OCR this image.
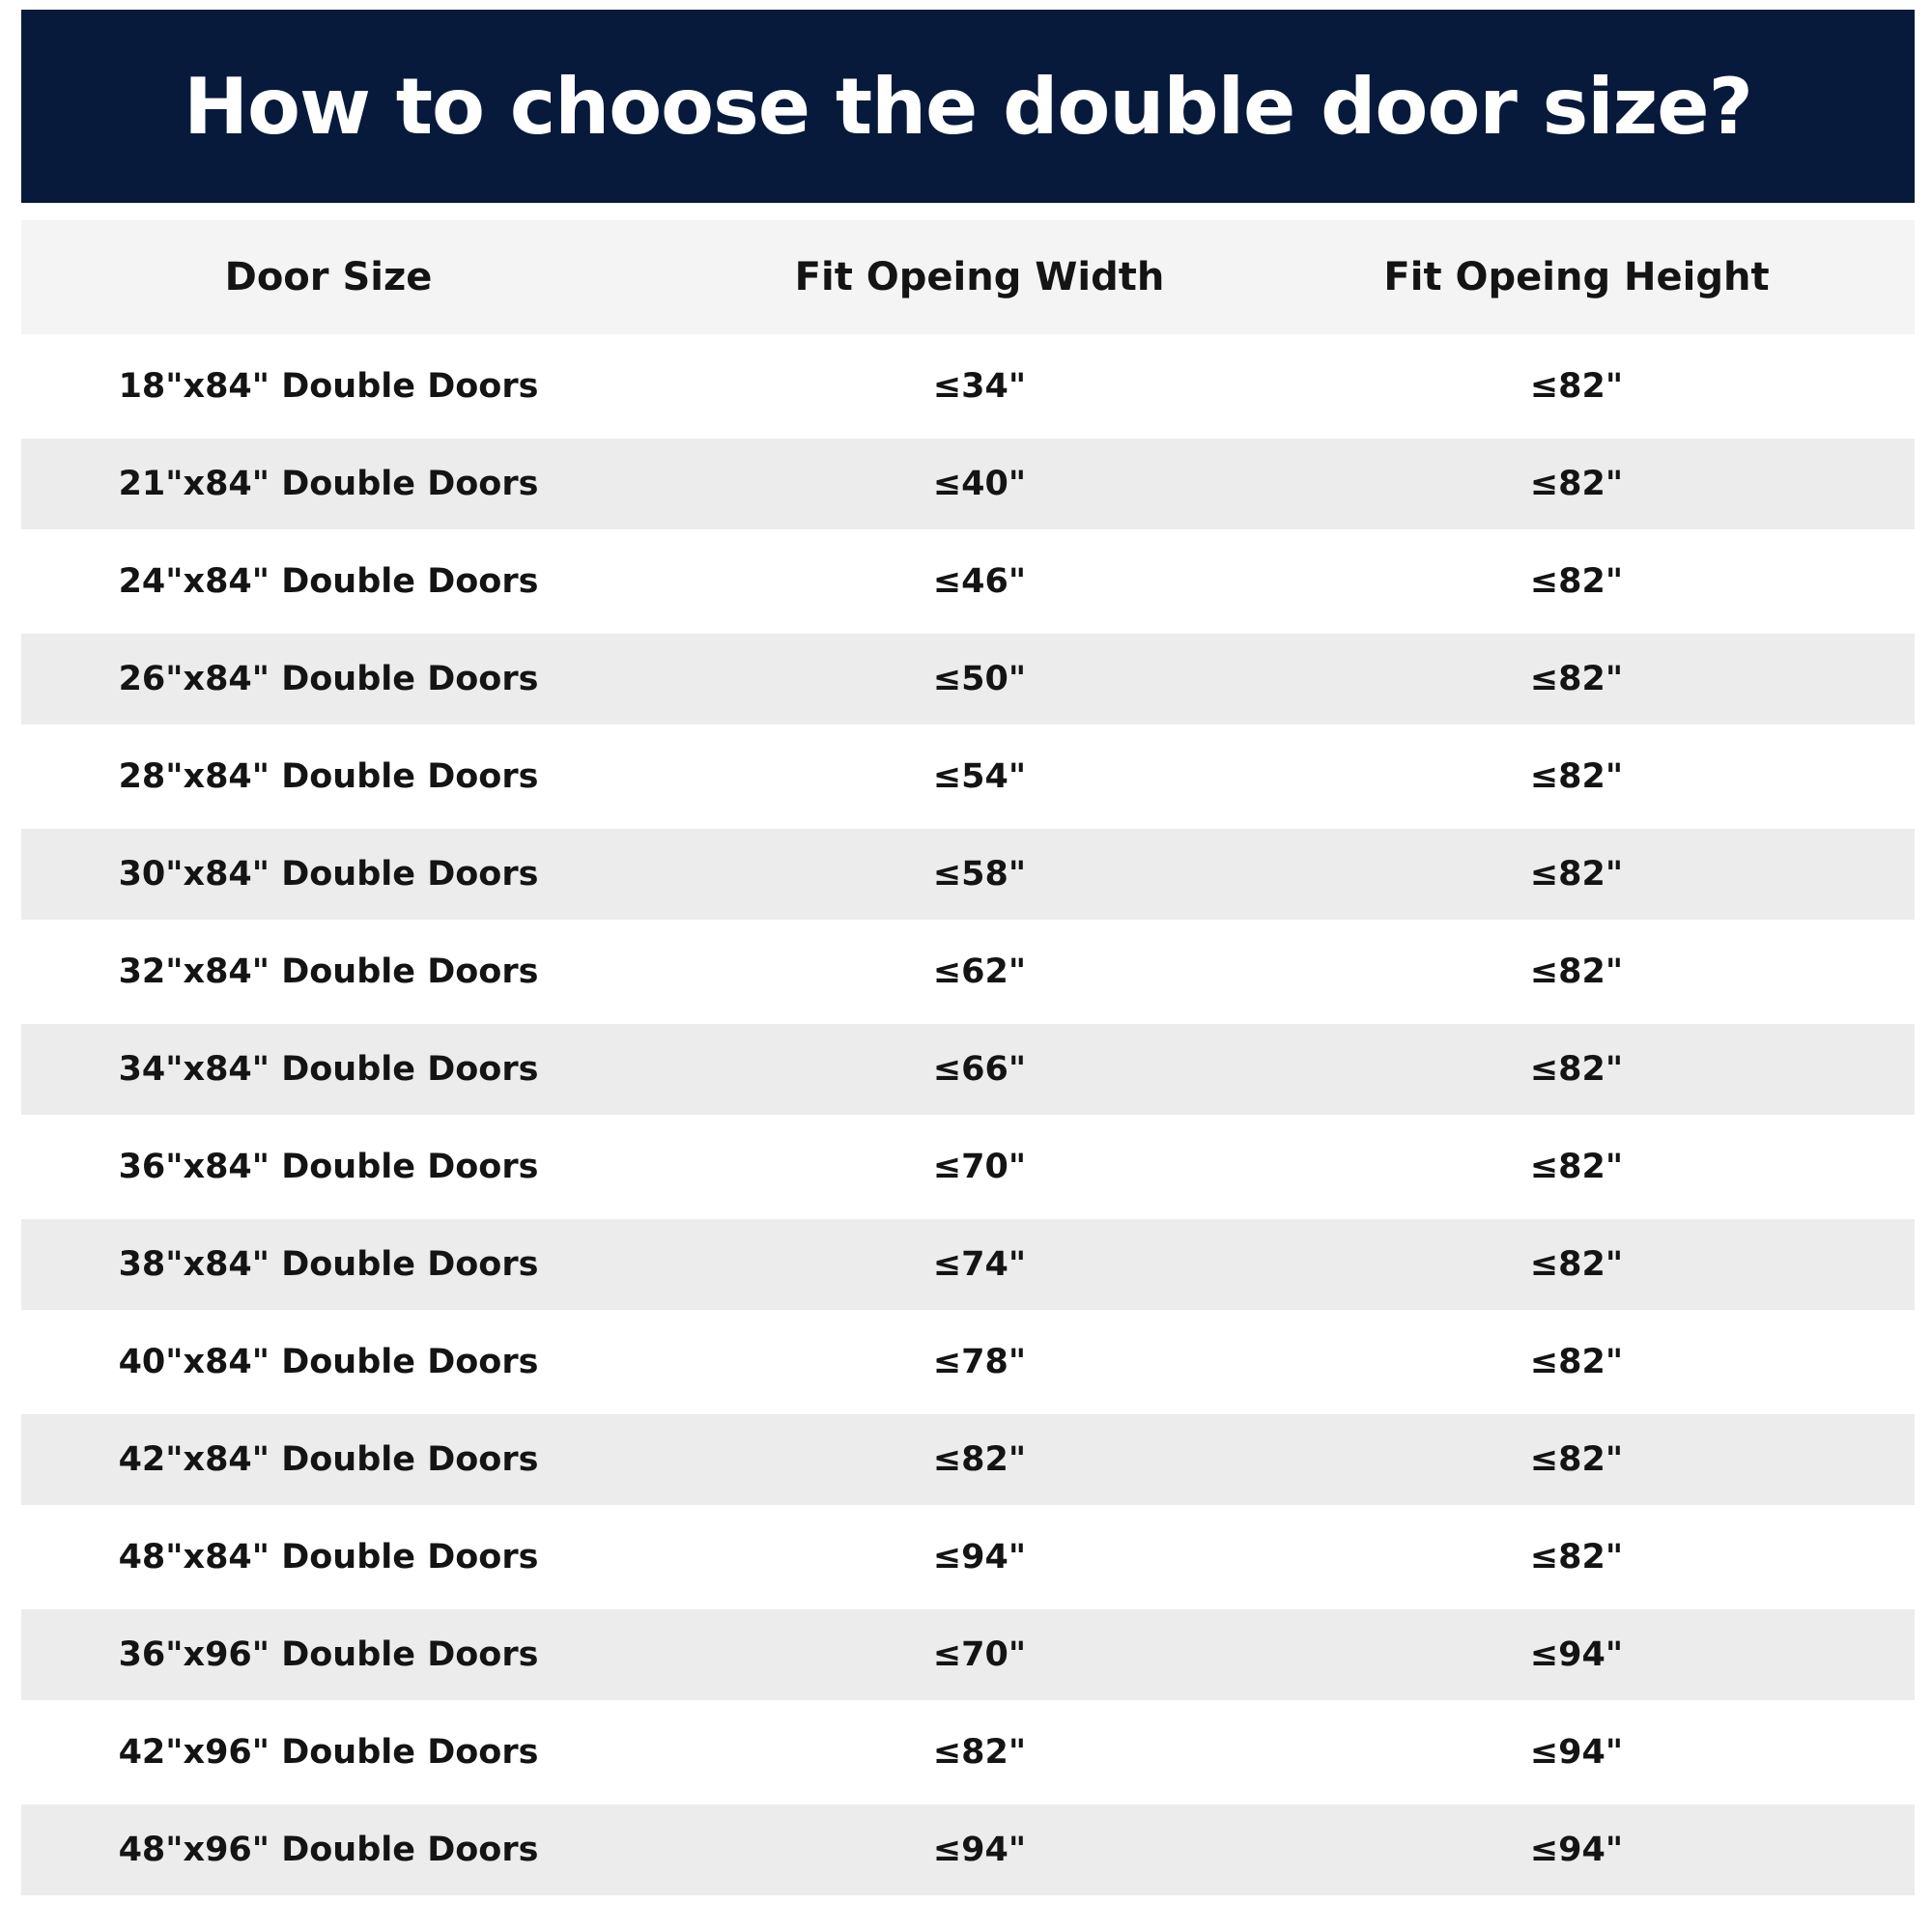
How to choose the double door size?
Door Size	Fit Opeing Width	Fit Opeing Height
18"x84" Double Doors	≤34"	≤82"
21"x84" Double Doors	≤40"	≤82"
24"x84" Double Doors	≤46"	≤82"
26"x84" Double Doors	≤50"	≤82"
28"x84" Double Doors	≤54"	≤82"
30"x84" Double Doors	≤58"	≤82"
32"x84" Double Doors	≤62"	≤82"
34"x84" Double Doors	≤66"	≤82"
36"x84" Double Doors	≤70"	≤82"
38"x84" Double Doors	≤74"	≤82"
40"x84" Double Doors	≤78"	≤82"
42"x84" Double Doors	≤82"	≤82"
48"x84" Double Doors	≤94"	≤82"
36"x96" Double Doors	≤70"	≤94"
42"x96" Double Doors	≤82"	≤94"
48"x96" Double Doors	≤94"	≤94"
